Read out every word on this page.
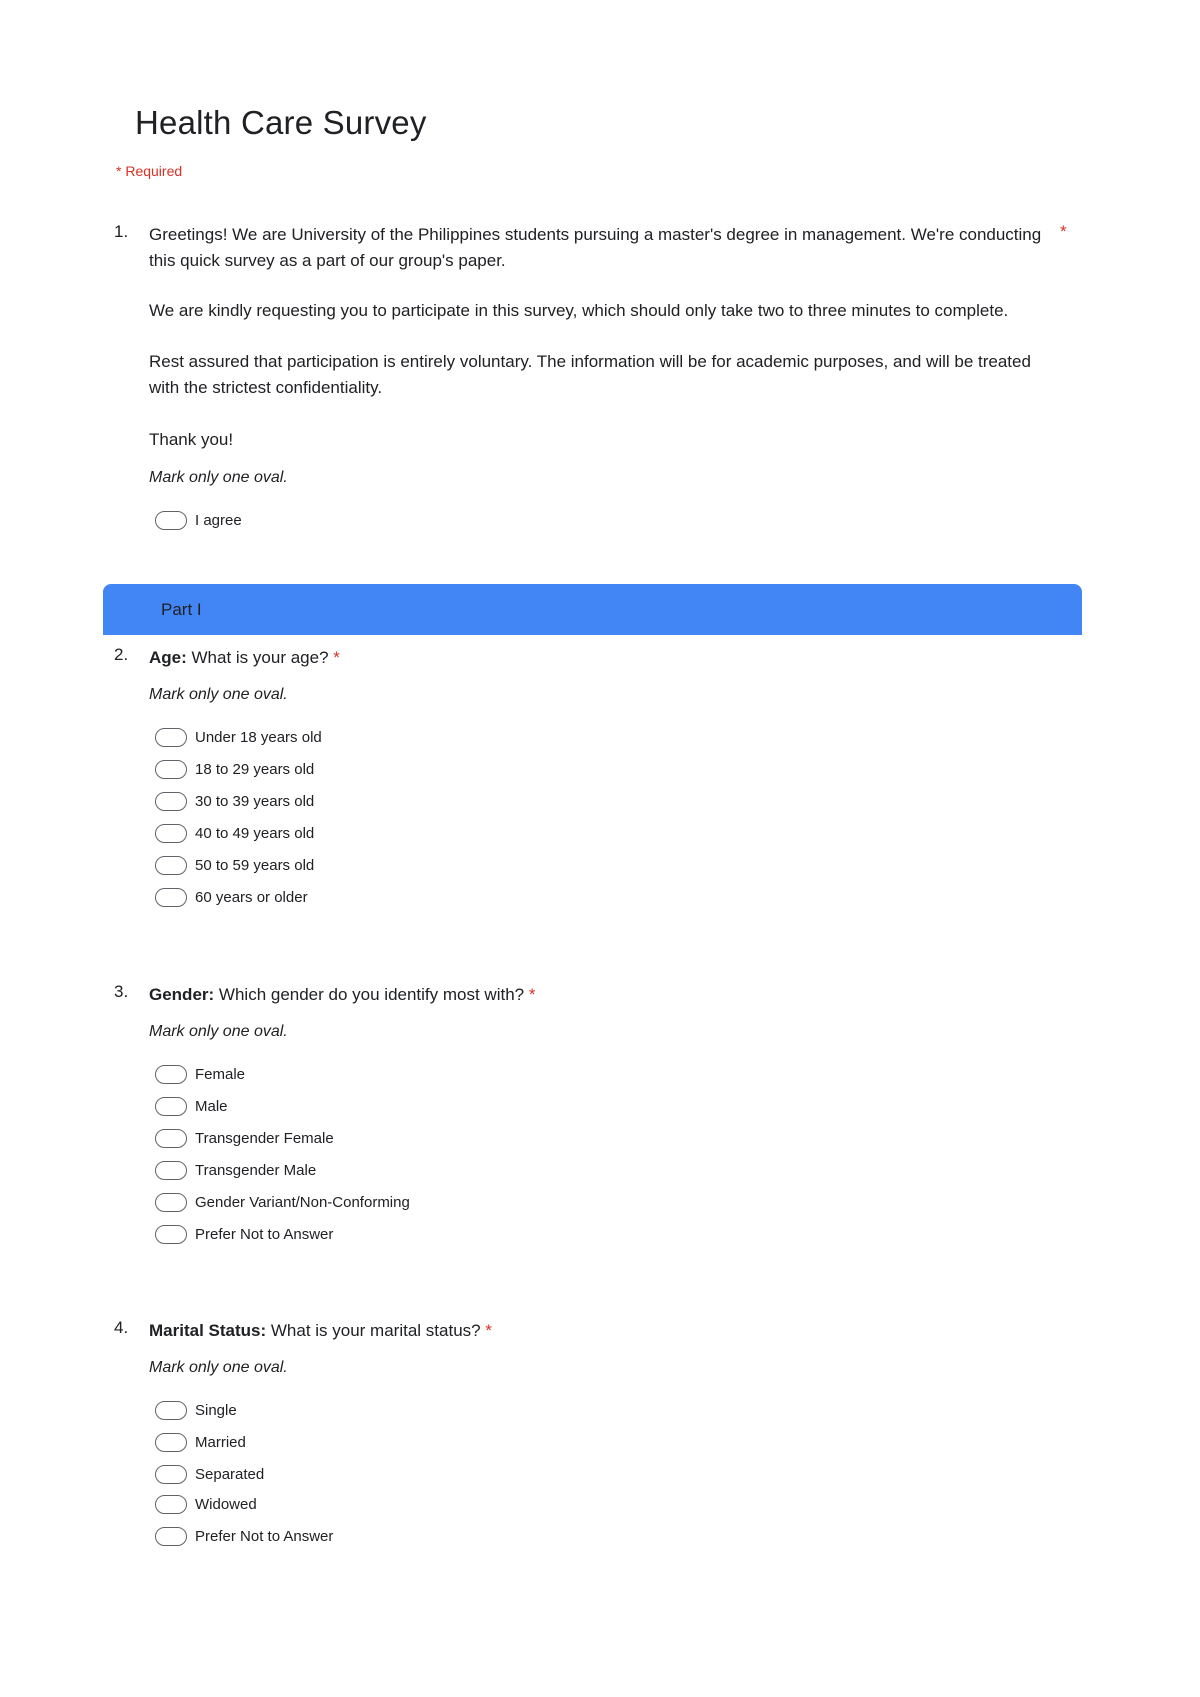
Health Care Survey
* Required
1. Greetings! We are University of the Philippines students pursuing a master's degree in management. We're conducting this quick survey as a part of our group's paper.
*
We are kindly requesting you to participate in this survey, which should only take two to three minutes to complete.
Rest assured that participation is entirely voluntary. The information will be for academic purposes, and will be treated with the strictest confidentiality.
Thank you!
Mark only one oval.
I agree
Part I
2. Age: What is your age? *
Mark only one oval.
Under 18 years old
18 to 29 years old
30 to 39 years old
40 to 49 years old
50 to 59 years old
60 years or older
3. Gender: Which gender do you identify most with? *
Mark only one oval.
Female
Male
Transgender Female
Transgender Male
Gender Variant/Non-Conforming
Prefer Not to Answer
4. Marital Status: What is your marital status? *
Mark only one oval.
Single
Married
Separated
Widowed
Prefer Not to Answer
